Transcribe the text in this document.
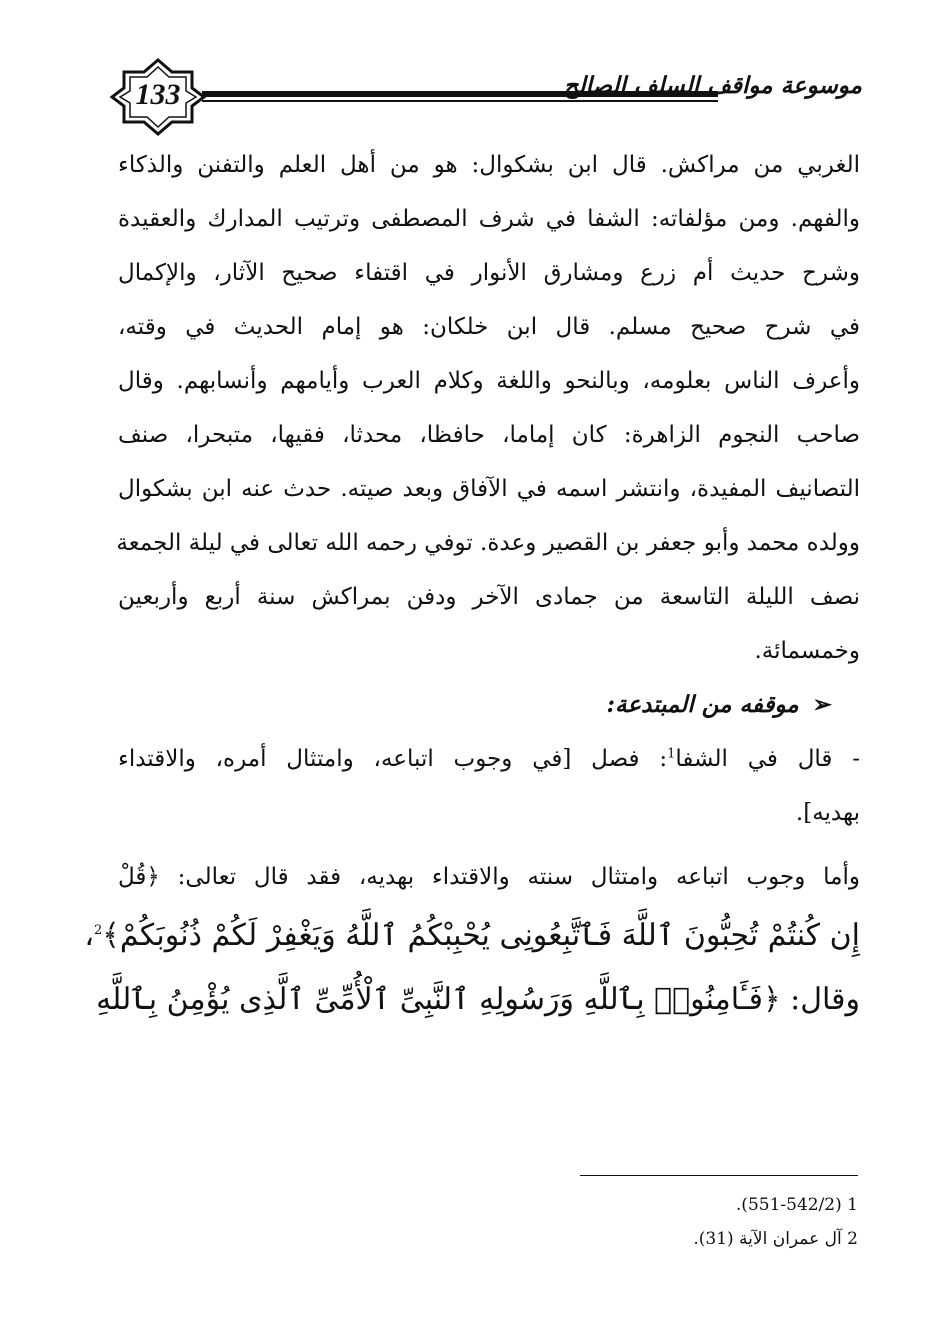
133	موسوعة مواقف السلف الصالح
الغربي من مراكش. قال ابن بشكوال: هو من أهل العلم والتفنن والذكاء
والفهم. ومن مؤلفاته: الشفا في شرف المصطفى وترتيب المدارك والعقيدة
وشرح حديث أم زرع ومشارق الأنوار في اقتفاء صحيح الآثار، والإكمال
في شرح صحيح مسلم. قال ابن خلكان: هو إمام الحديث في وقته،
وأعرف الناس بعلومه، وبالنحو واللغة وكلام العرب وأيامهم وأنسابهم. وقال
صاحب النجوم الزاهرة: كان إماما، حافظا، محدثا، فقيها، متبحرا، صنف
التصانيف المفيدة، وانتشر اسمه في الآفاق وبعد صيته. حدث عنه ابن بشكوال
وولده محمد وأبو جعفر بن القصير وعدة. توفي رحمه الله تعالى في ليلة الجمعة
نصف الليلة التاسعة من جمادى الآخر ودفن بمراكش سنة أربع وأربعين
وخمسمائة.
➢موقفه من المبتدعة:
- قال في الشفا$^1$: فصل [في وجوب اتباعه، وامتثال أمره، والاقتداء
بهديه].
وأما وجوب اتباعه وامتثال سنته والاقتداء بهديه، فقد قال تعالى: ﴿قُلْ
إِن كُنتُمْ تُحِبُّونَ ٱللَّهَ فَٱتَّبِعُونِى يُحْبِبْكُمُ ٱللَّهُ وَيَغْفِرْ لَكُمْ ذُنُوبَكُمْ﴾$^2$،
وقال: ﴿فَـَٔامِنُوا۟ بِٱللَّهِ وَرَسُولِهِ ٱلنَّبِىِّ ٱلْأُمِّىِّ ٱلَّذِى يُؤْمِنُ بِٱللَّهِ
1 (551-542/2).
2 آل عمران الآية (31).
